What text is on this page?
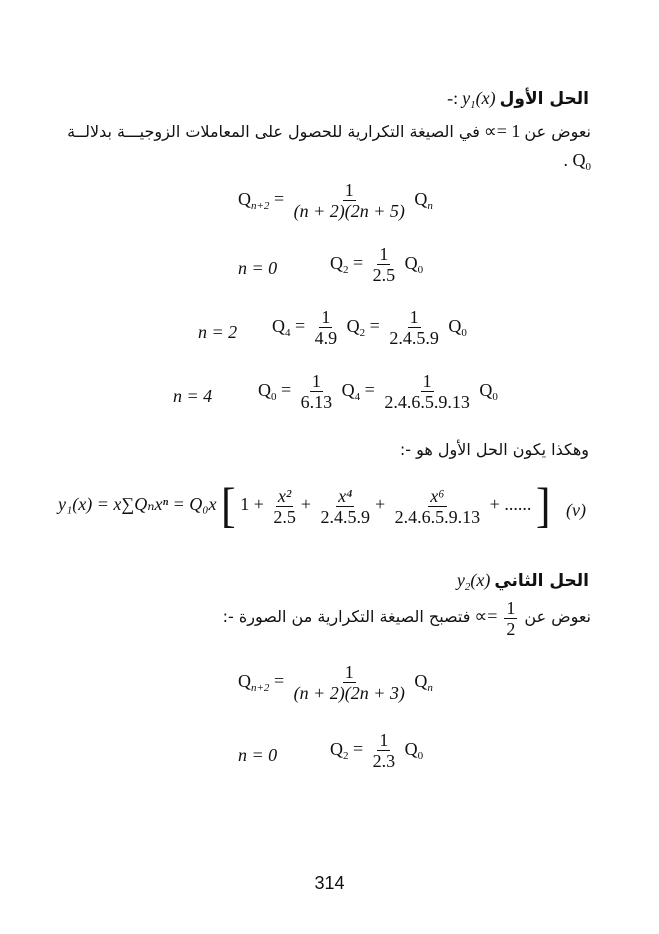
-: $y_1(x)$ الحل الأول
في الصيغة التكرارية للحصول على المعاملات الزوجيـــة بدلالــة ∝= 1 نعوض عن
. $Q_0$
$Q_{n+2} = \frac{1}{(n + 2)(2n + 5)} Q_n$
n = 0	$Q_2 = \frac{1}{2.5} Q_0$
n = 2 $Q_4 = \frac{1}{4.9} Q_2 = \frac{1}{2.4.5.9} Q_0$
n = 4	$Q_0 = \frac{1}{6.13} Q_4 = \frac{1}{2.4.6.5.9.13} Q_0$
وهكذا يكون الحل الأول هو -:
y₁(x) = x∑Qₙxⁿ = Q₀x [ $1 + \frac{\text{x²}}{2.5} + \frac{\text{x⁴}}{2.4.5.9} + \frac{\text{x⁶}}{2.4.6.5.9.13}$ + ...... ] (v)
$y_2(x)$ الحل الثاني
فتصبح الصيغة التكرارية من الصورة -: ∝= $\frac{1}{2}$ نعوض عن
$Q_{n+2} = \frac{1}{(n + 2)(2n + 3)} Q_n$
n = 0	$Q_2 = \frac{1}{2.3} Q_0$
314
